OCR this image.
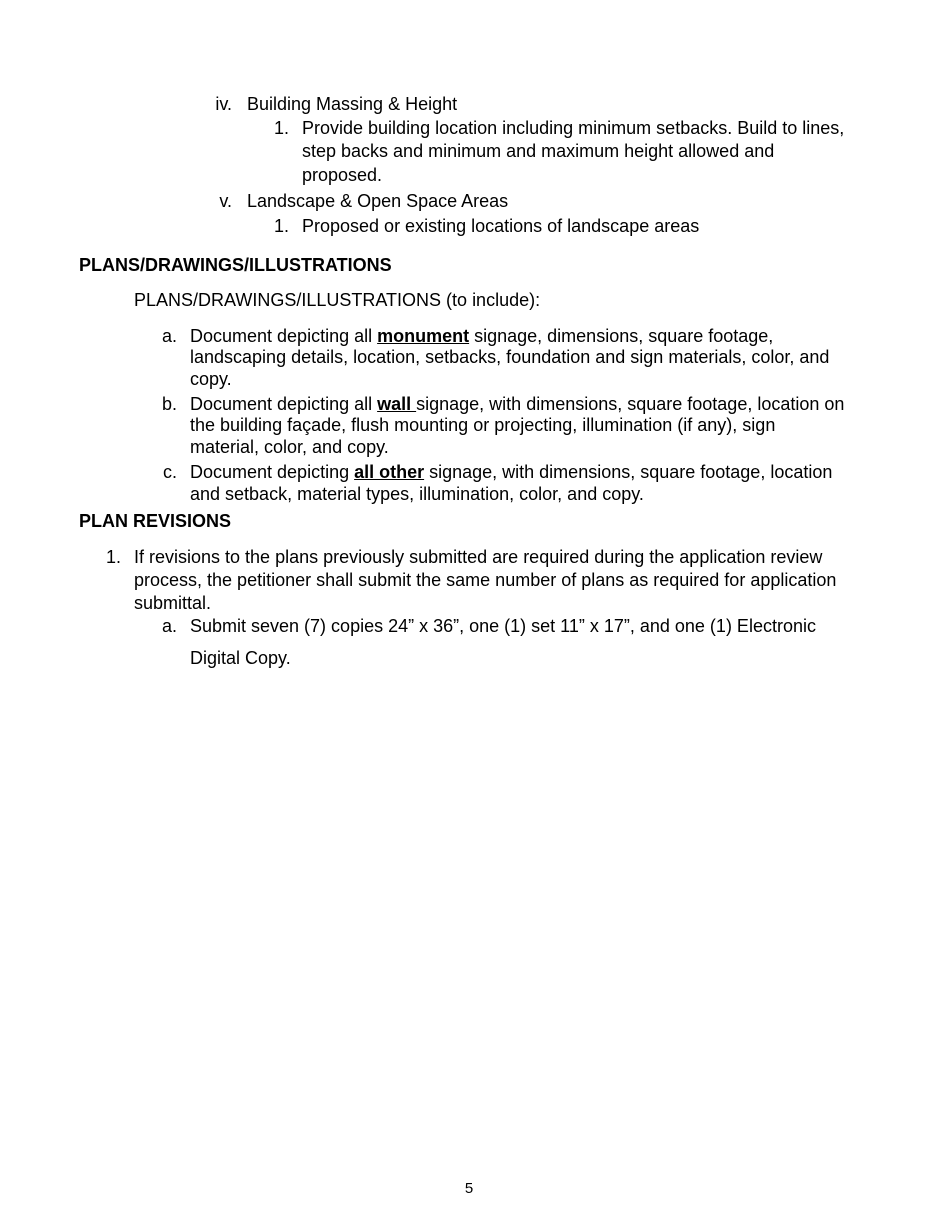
iv. Building Massing & Height
1. Provide building location including minimum setbacks. Build to lines,
step backs and minimum and maximum height allowed and
proposed.
v. Landscape & Open Space Areas
1. Proposed or existing locations of landscape areas
PLANS/DRAWINGS/ILLUSTRATIONS
PLANS/DRAWINGS/ILLUSTRATIONS (to include):
a. Document depicting all monument signage, dimensions, square footage,
landscaping details, location, setbacks, foundation and sign materials, color, and
copy.
b. Document depicting all wall signage, with dimensions, square footage, location on
the building façade, flush mounting or projecting, illumination (if any), sign
material, color, and copy.
c. Document depicting all other signage, with dimensions, square footage, location
and setback, material types, illumination, color, and copy.
PLAN REVISIONS
1. If revisions to the plans previously submitted are required during the application review
process, the petitioner shall submit the same number of plans as required for application
submittal.
a. Submit seven (7) copies 24” x 36”, one (1) set 11” x 17”, and one (1) Electronic
Digital Copy.
5
